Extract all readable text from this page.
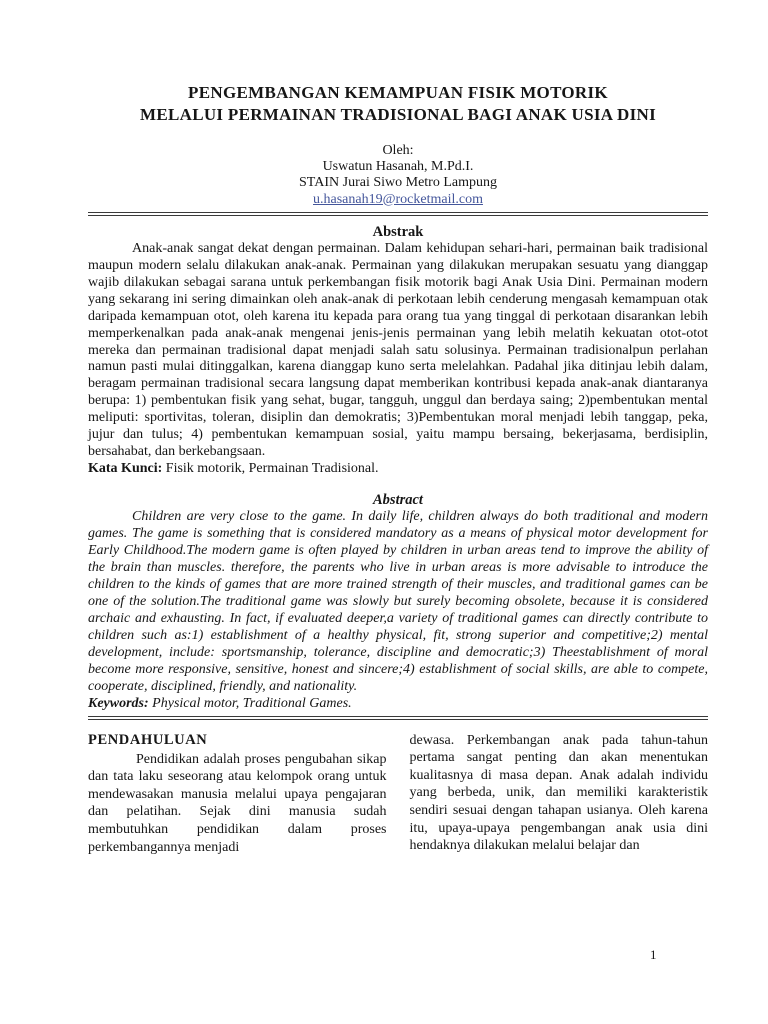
PENGEMBANGAN KEMAMPUAN FISIK MOTORIK
MELALUI PERMAINAN TRADISIONAL BAGI ANAK USIA DINI
Oleh:
Uswatun Hasanah, M.Pd.I.
STAIN Jurai Siwo Metro Lampung
u.hasanah19@rocketmail.com
Abstrak
Anak-anak sangat dekat dengan permainan. Dalam kehidupan sehari-hari, permainan baik tradisional maupun modern selalu dilakukan anak-anak. Permainan yang dilakukan merupakan sesuatu yang dianggap wajib dilakukan sebagai sarana untuk perkembangan fisik motorik bagi Anak Usia Dini. Permainan modern yang sekarang ini sering dimainkan oleh anak-anak di perkotaan lebih cenderung mengasah kemampuan otak daripada kemampuan otot, oleh karena itu kepada para orang tua yang tinggal di perkotaan disarankan lebih memperkenalkan pada anak-anak mengenai jenis-jenis permainan yang lebih melatih kekuatan otot-otot mereka dan permainan tradisional dapat menjadi salah satu solusinya. Permainan tradisionalpun perlahan namun pasti mulai ditinggalkan, karena dianggap kuno serta melelahkan. Padahal jika ditinjau lebih dalam, beragam permainan tradisional secara langsung dapat memberikan kontribusi kepada anak-anak diantaranya berupa: 1) pembentukan fisik yang sehat, bugar, tangguh, unggul dan berdaya saing; 2)pembentukan mental meliputi: sportivitas, toleran, disiplin dan demokratis; 3)Pembentukan moral menjadi lebih tanggap, peka, jujur dan tulus; 4) pembentukan kemampuan sosial, yaitu mampu bersaing, bekerjasama, berdisiplin, bersahabat, dan berkebangsaan.
Kata Kunci: Fisik motorik, Permainan Tradisional.
Abstract
Children are very close to the game. In daily life, children always do both traditional and modern games. The game is something that is considered mandatory as a means of physical motor development for Early Childhood.The modern game is often played by children in urban areas tend to improve the ability of the brain than muscles. therefore, the parents who live in urban areas is more advisable to introduce the children to the kinds of games that are more trained strength of their muscles, and traditional games can be one of the solution.The traditional game was slowly but surely becoming obsolete, because it is considered archaic and exhausting. In fact, if evaluated deeper,a variety of traditional games can directly contribute to children such as:1) establishment of a healthy physical, fit, strong superior and competitive;2) mental development, include: sportsmanship, tolerance, discipline and democratic;3) Theestablishment of moral become more responsive, sensitive, honest and sincere;4) establishment of social skills, are able to compete, cooperate, disciplined, friendly, and nationality.
Keywords: Physical motor, Traditional Games.
PENDAHULUAN
Pendidikan adalah proses pengubahan sikap dan tata laku seseorang atau kelompok orang untuk mendewasakan manusia melalui upaya pengajaran dan pelatihan. Sejak dini manusia sudah membutuhkan pendidikan dalam proses perkembangannya menjadi
dewasa. Perkembangan anak pada tahun-tahun pertama sangat penting dan akan menentukan kualitasnya di masa depan. Anak adalah individu yang berbeda, unik, dan memiliki karakteristik sendiri sesuai dengan tahapan usianya. Oleh karena itu, upaya-upaya pengembangan anak usia dini hendaknya dilakukan melalui belajar dan
1
